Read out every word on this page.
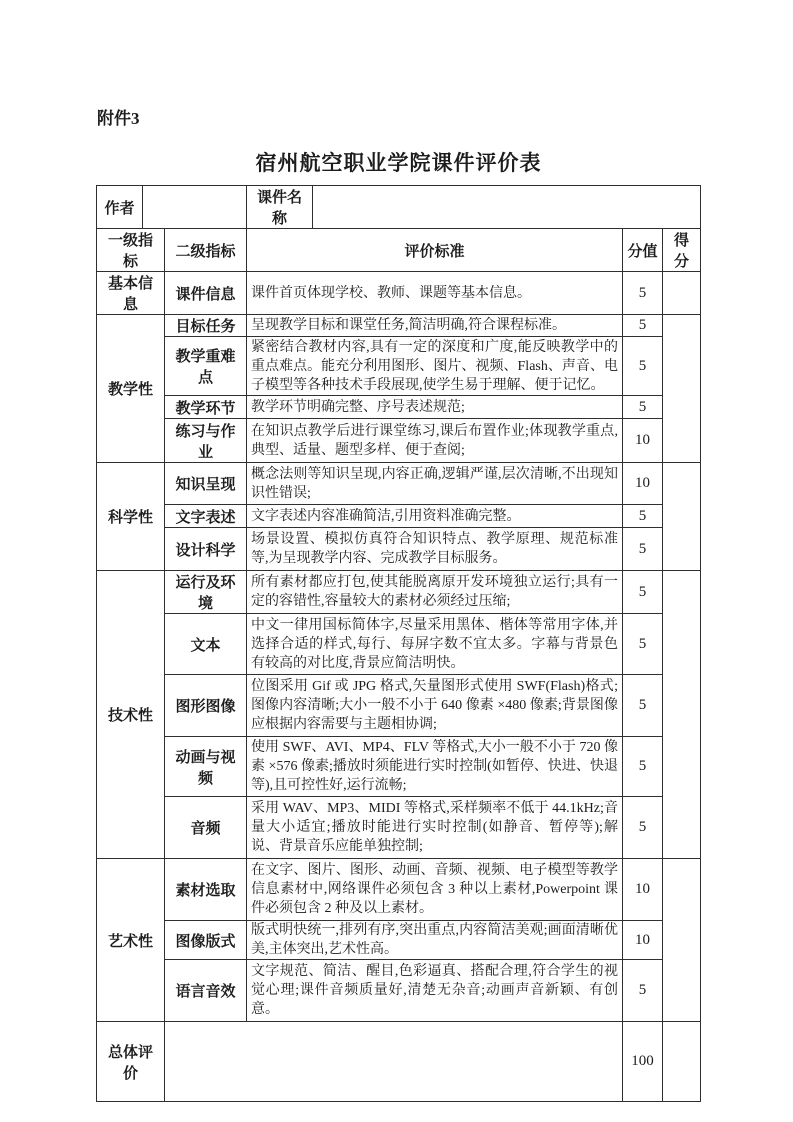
附件3
宿州航空职业学院课件评价表
作者		课件名称	
一级指标	二级指标	评价标准	分值	得分
基本信息	课件信息	课件首页体现学校、教师、课题等基本信息。	5	
教学性	目标任务	呈现教学目标和课堂任务,简洁明确,符合课程标准。	5	
	教学重难点	紧密结合教材内容,具有一定的深度和广度,能反映教学中的重点难点。能充分利用图形、图片、视频、Flash、声音、电子模型等各种技术手段展现,使学生易于理解、便于记忆。	5	
	教学环节	教学环节明确完整、序号表述规范;	5	
	练习与作业	在知识点教学后进行课堂练习,课后布置作业;体现教学重点,典型、适量、题型多样、便于查阅;	10	
科学性	知识呈现	概念法则等知识呈现,内容正确,逻辑严谨,层次清晰,不出现知识性错误;	10	
	文字表述	文字表述内容准确简洁,引用资料准确完整。	5	
	设计科学	场景设置、模拟仿真符合知识特点、教学原理、规范标准等,为呈现教学内容、完成教学目标服务。	5	
技术性	运行及环境	所有素材都应打包,使其能脱离原开发环境独立运行;具有一定的容错性,容量较大的素材必须经过压缩;	5	
	文本	中文一律用国标简体字,尽量采用黑体、楷体等常用字体,并选择合适的样式,每行、每屏字数不宜太多。字幕与背景色有较高的对比度,背景应简洁明快。	5	
	图形图像	位图采用 Gif 或 JPG 格式,矢量图形式使用 SWF(Flash)格式;图像内容清晰;大小一般不小于 640 像素 ×480 像素;背景图像应根据内容需要与主题相协调;	5	
	动画与视频	使用 SWF、AVI、MP4、FLV 等格式,大小一般不小于 720 像素 ×576 像素;播放时须能进行实时控制(如暂停、快进、快退等),且可控性好,运行流畅;	5	
	音频	采用 WAV、MP3、MIDI 等格式,采样频率不低于 44.1kHz;音量大小适宜;播放时能进行实时控制(如静音、暂停等);解说、背景音乐应能单独控制;	5	
艺术性	素材选取	在文字、图片、图形、动画、音频、视频、电子模型等教学信息素材中,网络课件必须包含 3 种以上素材,Powerpoint 课件必须包含 2 种及以上素材。	10	
	图像版式	版式明快统一,排列有序,突出重点,内容简洁美观;画面清晰优美,主体突出,艺术性高。	10	
	语言音效	文字规范、简洁、醒目,色彩逼真、搭配合理,符合学生的视觉心理;课件音频质量好,清楚无杂音;动画声音新颖、有创意。	5	
总体评价			100	
